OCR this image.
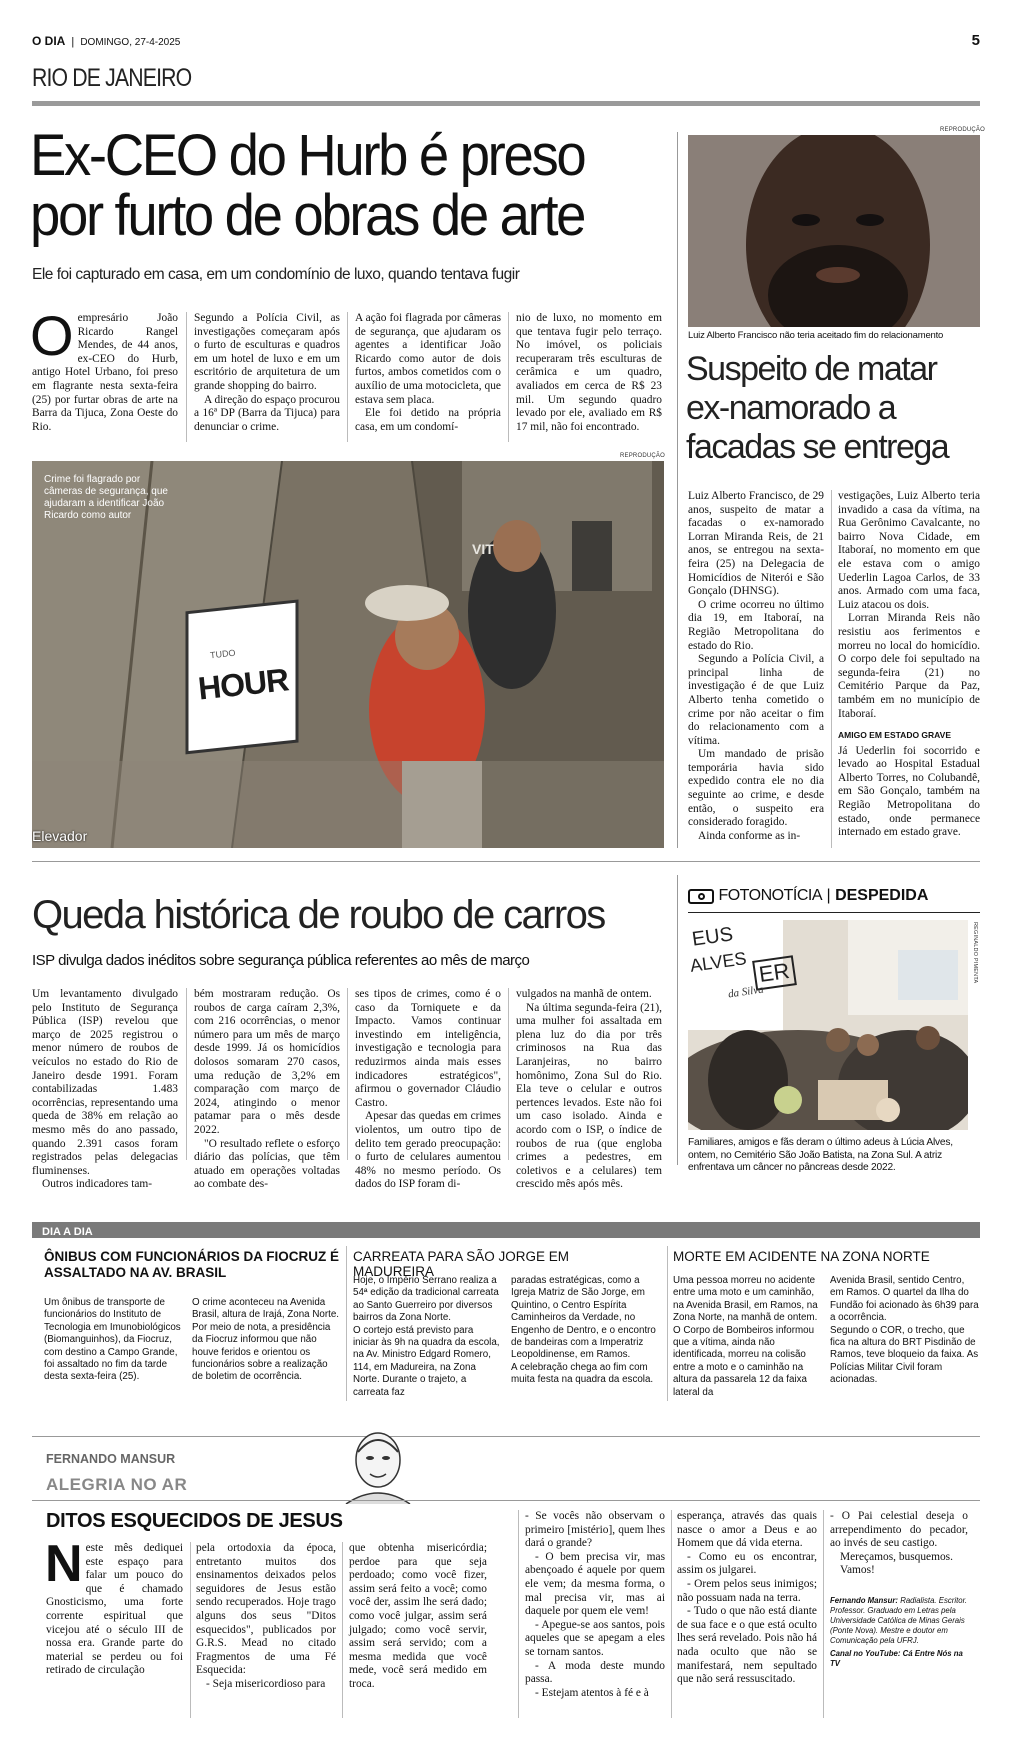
O DIA | DOMINGO, 27-4-2025	5
RIO DE JANEIRO
Ex-CEO do Hurb é preso por furto de obras de arte
Ele foi capturado em casa, em um condomínio de luxo, quando tentava fugir
O empresário João Ricardo Rangel Mendes, de 44 anos, ex-CEO do Hurb, antigo Hotel Urbano, foi preso em flagrante nesta sexta-feira (25) por furtar obras de arte na Barra da Tijuca, Zona Oeste do Rio.

Segundo a Polícia Civil, as investigações começaram após o furto de esculturas e quadros em um hotel de luxo e em um escritório de arquitetura de um grande shopping do bairro.

A direção do espaço procurou a 16ª DP (Barra da Tijuca) para denunciar o crime.

A ação foi flagrada por câmeras de segurança, que ajudaram os agentes a identificar João Ricardo como autor de dois furtos, ambos cometidos com o auxílio de uma motocicleta, que estava sem placa.

Ele foi detido na própria casa, em um condomí-

nio de luxo, no momento em que tentava fugir pelo terraço. No imóvel, os policiais recuperaram três esculturas de cerâmica e um quadro, avaliados em cerca de R$ 23 mil. Um segundo quadro levado por ele, avaliado em R$ 17 mil, não foi encontrado.

REPRODUÇÃO
HOUR
TUDO
VIT
Crime foi flagrado por câmeras de segurança, que ajudaram a identificar João Ricardo como autor
Elevador
REPRODUÇÃO
Luiz Alberto Francisco não teria aceitado fim do relacionamento
Suspeito de matar ex-namorado a facadas se entrega

Luiz Alberto Francisco, de 29 anos, suspeito de matar a facadas o ex-namorado Lorran Miranda Reis, de 21 anos, se entregou na sexta-feira (25) na Delegacia de Homicídios de Niterói e São Gonçalo (DHNSG).

O crime ocorreu no último dia 19, em Itaboraí, na Região Metropolitana do estado do Rio.

Segundo a Polícia Civil, a principal linha de investigação é de que Luiz Alberto tenha cometido o crime por não aceitar o fim do relacionamento com a vítima.

Um mandado de prisão temporária havia sido expedido contra ele no dia seguinte ao crime, e desde então, o suspeito era considerado foragido.

Ainda conforme as in-

vestigações, Luiz Alberto teria invadido a casa da vítima, na Rua Gerônimo Cavalcante, no bairro Nova Cidade, em Itaboraí, no momento em que ele estava com o amigo Uederlin Lagoa Carlos, de 33 anos. Armado com uma faca, Luiz atacou os dois.

Lorran Miranda Reis não resistiu aos ferimentos e morreu no local do homicídio. O corpo dele foi sepultado na segunda-feira (21) no Cemitério Parque da Paz, também em no município de Itaboraí.

AMIGO EM ESTADO GRAVE

Já Uederlin foi socorrido e levado ao Hospital Estadual Alberto Torres, no Colubandê, em São Gonçalo, também na Região Metropolitana do estado, onde permanece internado em estado grave.

Queda histórica de roubo de carros
ISP divulga dados inéditos sobre segurança pública referentes ao mês de março

Um levantamento divulgado pelo Instituto de Segurança Pública (ISP) revelou que março de 2025 registrou o menor número de roubos de veículos no estado do Rio de Janeiro desde 1991. Foram contabilizadas 1.483 ocorrências, representando uma queda de 38% em relação ao mesmo mês do ano passado, quando 2.391 casos foram registrados pelas delegacias fluminenses.

Outros indicadores tam-

bém mostraram redução. Os roubos de carga caíram 2,3%, com 216 ocorrências, o menor número para um mês de março desde 1999. Já os homicídios dolosos somaram 270 casos, uma redução de 3,2% em comparação com março de 2024, atingindo o menor patamar para o mês desde 2022.

"O resultado reflete o esforço diário das polícias, que têm atuado em operações voltadas ao combate des-

ses tipos de crimes, como é o caso da Torniquete e da Impacto. Vamos continuar investindo em inteligência, investigação e tecnologia para reduzirmos ainda mais esses indicadores estratégicos", afirmou o governador Cláudio Castro.

Apesar das quedas em crimes violentos, um outro tipo de delito tem gerado preocupação: o furto de celulares aumentou 48% no mesmo período. Os dados do ISP foram di-

vulgados na manhã de ontem.

Na última segunda-feira (21), uma mulher foi assaltada em plena luz do dia por três criminosos na Rua das Laranjeiras, no bairro homônimo, Zona Sul do Rio. Ela teve o celular e outros pertences levados. Este não foi um caso isolado. Ainda e acordo com o ISP, o índice de roubos de rua (que engloba crimes a pedestres, em coletivos e a celulares) tem crescido mês após mês.

FOTONOTÍCIA | DESPEDIDA
EUS
ALVES ER
da Silva
REGINALDO PIMENTA
Familiares, amigos e fãs deram o último adeus à Lúcia Alves, ontem, no Cemitério São João Batista, na Zona Sul. A atriz enfrentava um câncer no pâncreas desde 2022.
DIA A DIA
ÔNIBUS COM FUNCIONÁRIOS DA FIOCRUZ É ASSALTADO NA AV. BRASIL
Um ônibus de transporte de funcionários do Instituto de Tecnologia em Imunobiológicos (Biomanguinhos), da Fiocruz, com destino a Campo Grande, foi assaltado no fim da tarde desta sexta-feira (25).
O crime aconteceu na Avenida Brasil, altura de Irajá, Zona Norte. Por meio de nota, a presidência da Fiocruz informou que não houve feridos e orientou os funcionários sobre a realização de boletim de ocorrência.
CARREATA PARA SÃO JORGE EM MADUREIRA
Hoje, o Império Serrano realiza a 54ª edição da tradicional carreata ao Santo Guerreiro por diversos bairros da Zona Norte.
O cortejo está previsto para iniciar às 9h na quadra da escola, na Av. Ministro Edgard Romero, 114, em Madureira, na Zona Norte. Durante o trajeto, a carreata faz
paradas estratégicas, como a Igreja Matriz de São Jorge, em Quintino, o Centro Espírita Caminheiros da Verdade, no Engenho de Dentro, e o encontro de bandeiras com a Imperatriz Leopoldinense, em Ramos.
A celebração chega ao fim com muita festa na quadra da escola.
MORTE EM ACIDENTE NA ZONA NORTE
Uma pessoa morreu no acidente entre uma moto e um caminhão, na Avenida Brasil, em Ramos, na Zona Norte, na manhã de ontem.
O Corpo de Bombeiros informou que a vítima, ainda não identificada, morreu na colisão entre a moto e o caminhão na altura da passarela 12 da faixa lateral da
Avenida Brasil, sentido Centro, em Ramos. O quartel da Ilha do Fundão foi acionado às 6h39 para a ocorrência.
Segundo o COR, o trecho, que fica na altura do BRT Pisdinão de Ramos, teve bloqueio da faixa. As Polícias Militar Civil foram acionadas.
FERNANDO MANSUR
ALEGRIA NO AR
DITOS ESQUECIDOS DE JESUS
N este mês dediquei este espaço para falar um pouco do que é chamado Gnosticismo, uma forte corrente espiritual que vicejou até o século III de nossa era. Grande parte do material se perdeu ou foi retirado de circulação

pela ortodoxia da época, entretanto muitos dos ensinamentos deixados pelos seguidores de Jesus estão sendo recuperados. Hoje trago alguns dos seus "Ditos esquecidos", publicados por G.R.S. Mead no citado Fragmentos de uma Fé Esquecida:

- Seja misericordioso para

que obtenha misericórdia; perdoe para que seja perdoado; como você fizer, assim será feito a você; como você der, assim lhe será dado; como você julgar, assim será julgado; como você servir, assim será servido; com a mesma medida que você mede, você será medido em troca.

- Se vocês não observam o primeiro [mistério], quem lhes dará o grande?

- O bem precisa vir, mas abençoado é aquele por quem ele vem; da mesma forma, o mal precisa vir, mas ai daquele por quem ele vem!

- Apegue-se aos santos, pois aqueles que se apegam a eles se tornam santos.

- A moda deste mundo passa.

- Estejam atentos à fé e à

esperança, através das quais nasce o amor a Deus e ao Homem que dá vida eterna.

- Como eu os encontrar, assim os julgarei.

- Orem pelos seus inimigos; não possuam nada na terra.

- Tudo o que não está diante de sua face e o que está oculto lhes será revelado. Pois não há nada oculto que não se manifestará, nem sepultado que não será ressuscitado.

- O Pai celestial deseja o arrependimento do pecador, ao invés de seu castigo.

Mereçamos, busquemos.

Vamos!

Fernando Mansur: Radialista. Escritor. Professor. Graduado em Letras pela Universidade Católica de Minas Gerais (Ponte Nova). Mestre e doutor em Comunicação pela UFRJ.
Canal no YouTube: Cá Entre Nós na TV
